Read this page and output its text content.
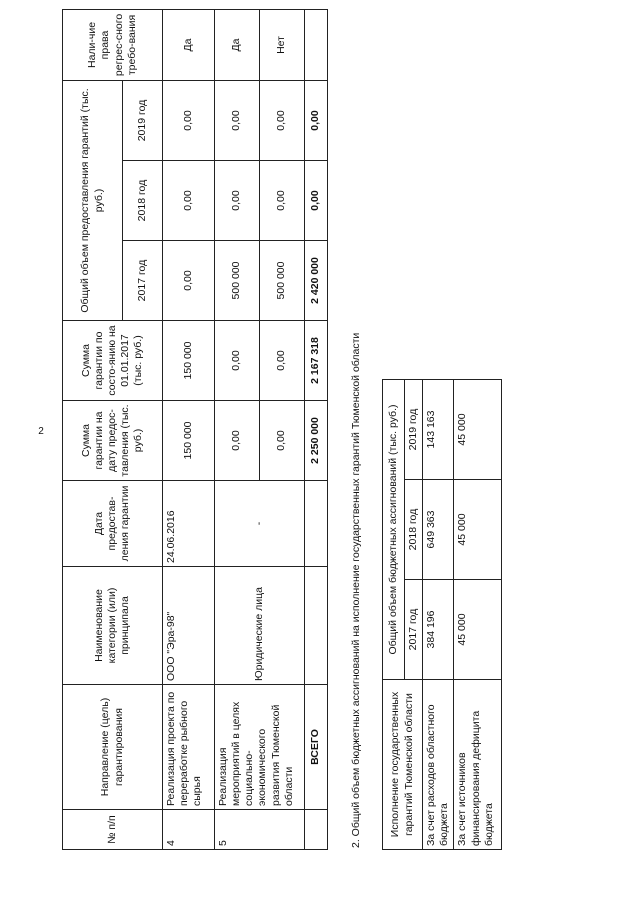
2
№ п/п	Направление (цель) гарантирования	Наименование категории (или) принципала	Дата предостав-ления гарантии	Сумма гарантии на дату предос-тавления (тыс. руб.)	Сумма гарантии по состо-янию на 01.01.2017 (тыс. руб.)	Общий объем предоставления гарантий (тыс. руб.)			Нали-чие права регрес-сного требо-вания
						2017 год	2018 год	2019 год	
4	Реализация проекта по переработке рыбного сырья	ООО "Эра-98"	24.06.2016	150 000	150 000	0,00	0,00	0,00	Да
5	Реализация мероприятий в целях социально-экономического развития Тюменской области	Юридические лица	-	0,00	0,00	500 000	0,00	0,00	Да
				0,00	0,00	500 000	0,00	0,00	Нет
	ВСЕГО			2 250 000	2 167 318	2 420 000	0,00	0,00	
2. Общий объем бюджетных ассигнований на исполнение государственных гарантий Тюменской области	Исполнение государственных гарантий Тюменской области	Общий объем бюджетных ассигнований (тыс. руб.)		
	2017 год	2018 год	2019 год
За счет расходов областного бюджета	384 196	649 363	143 163
За счет источников финансирования дефицита бюджета	45 000	45 000	45 000
